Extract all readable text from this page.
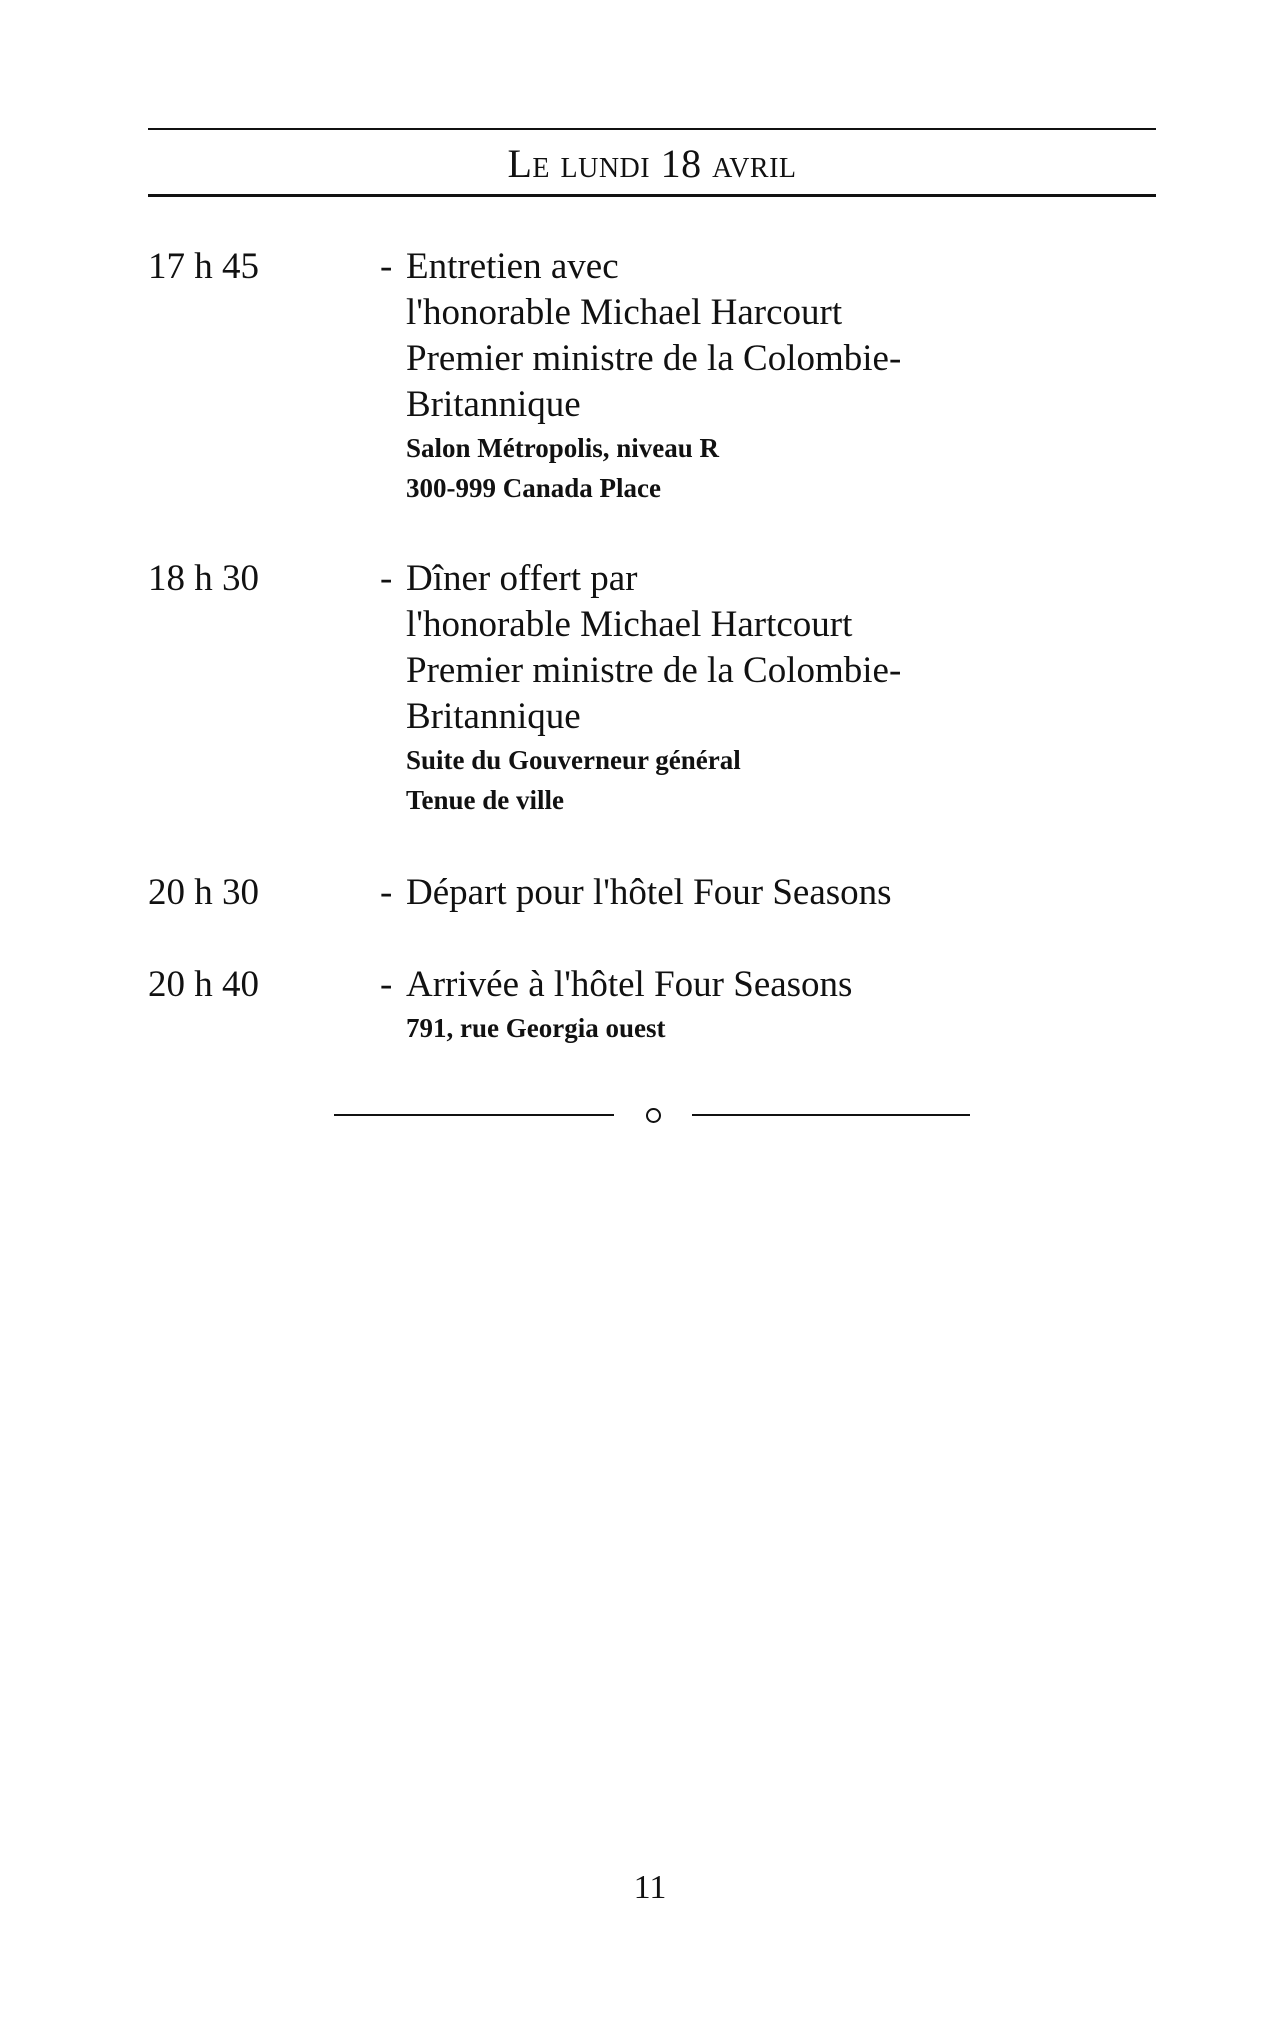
Le lundi 18 avril
17 h 45	- Entretien avec
l'honorable Michael Harcourt
Premier ministre de la Colombie-
Britannique
Salon Métropolis, niveau R
300-999 Canada Place
18 h 30	- Dîner offert par
l'honorable Michael Hartcourt
Premier ministre de la Colombie-
Britannique
Suite du Gouverneur général
Tenue de ville
20 h 30	- Départ pour l'hôtel Four Seasons
20 h 40	- Arrivée à l'hôtel Four Seasons
791, rue Georgia ouest
11
